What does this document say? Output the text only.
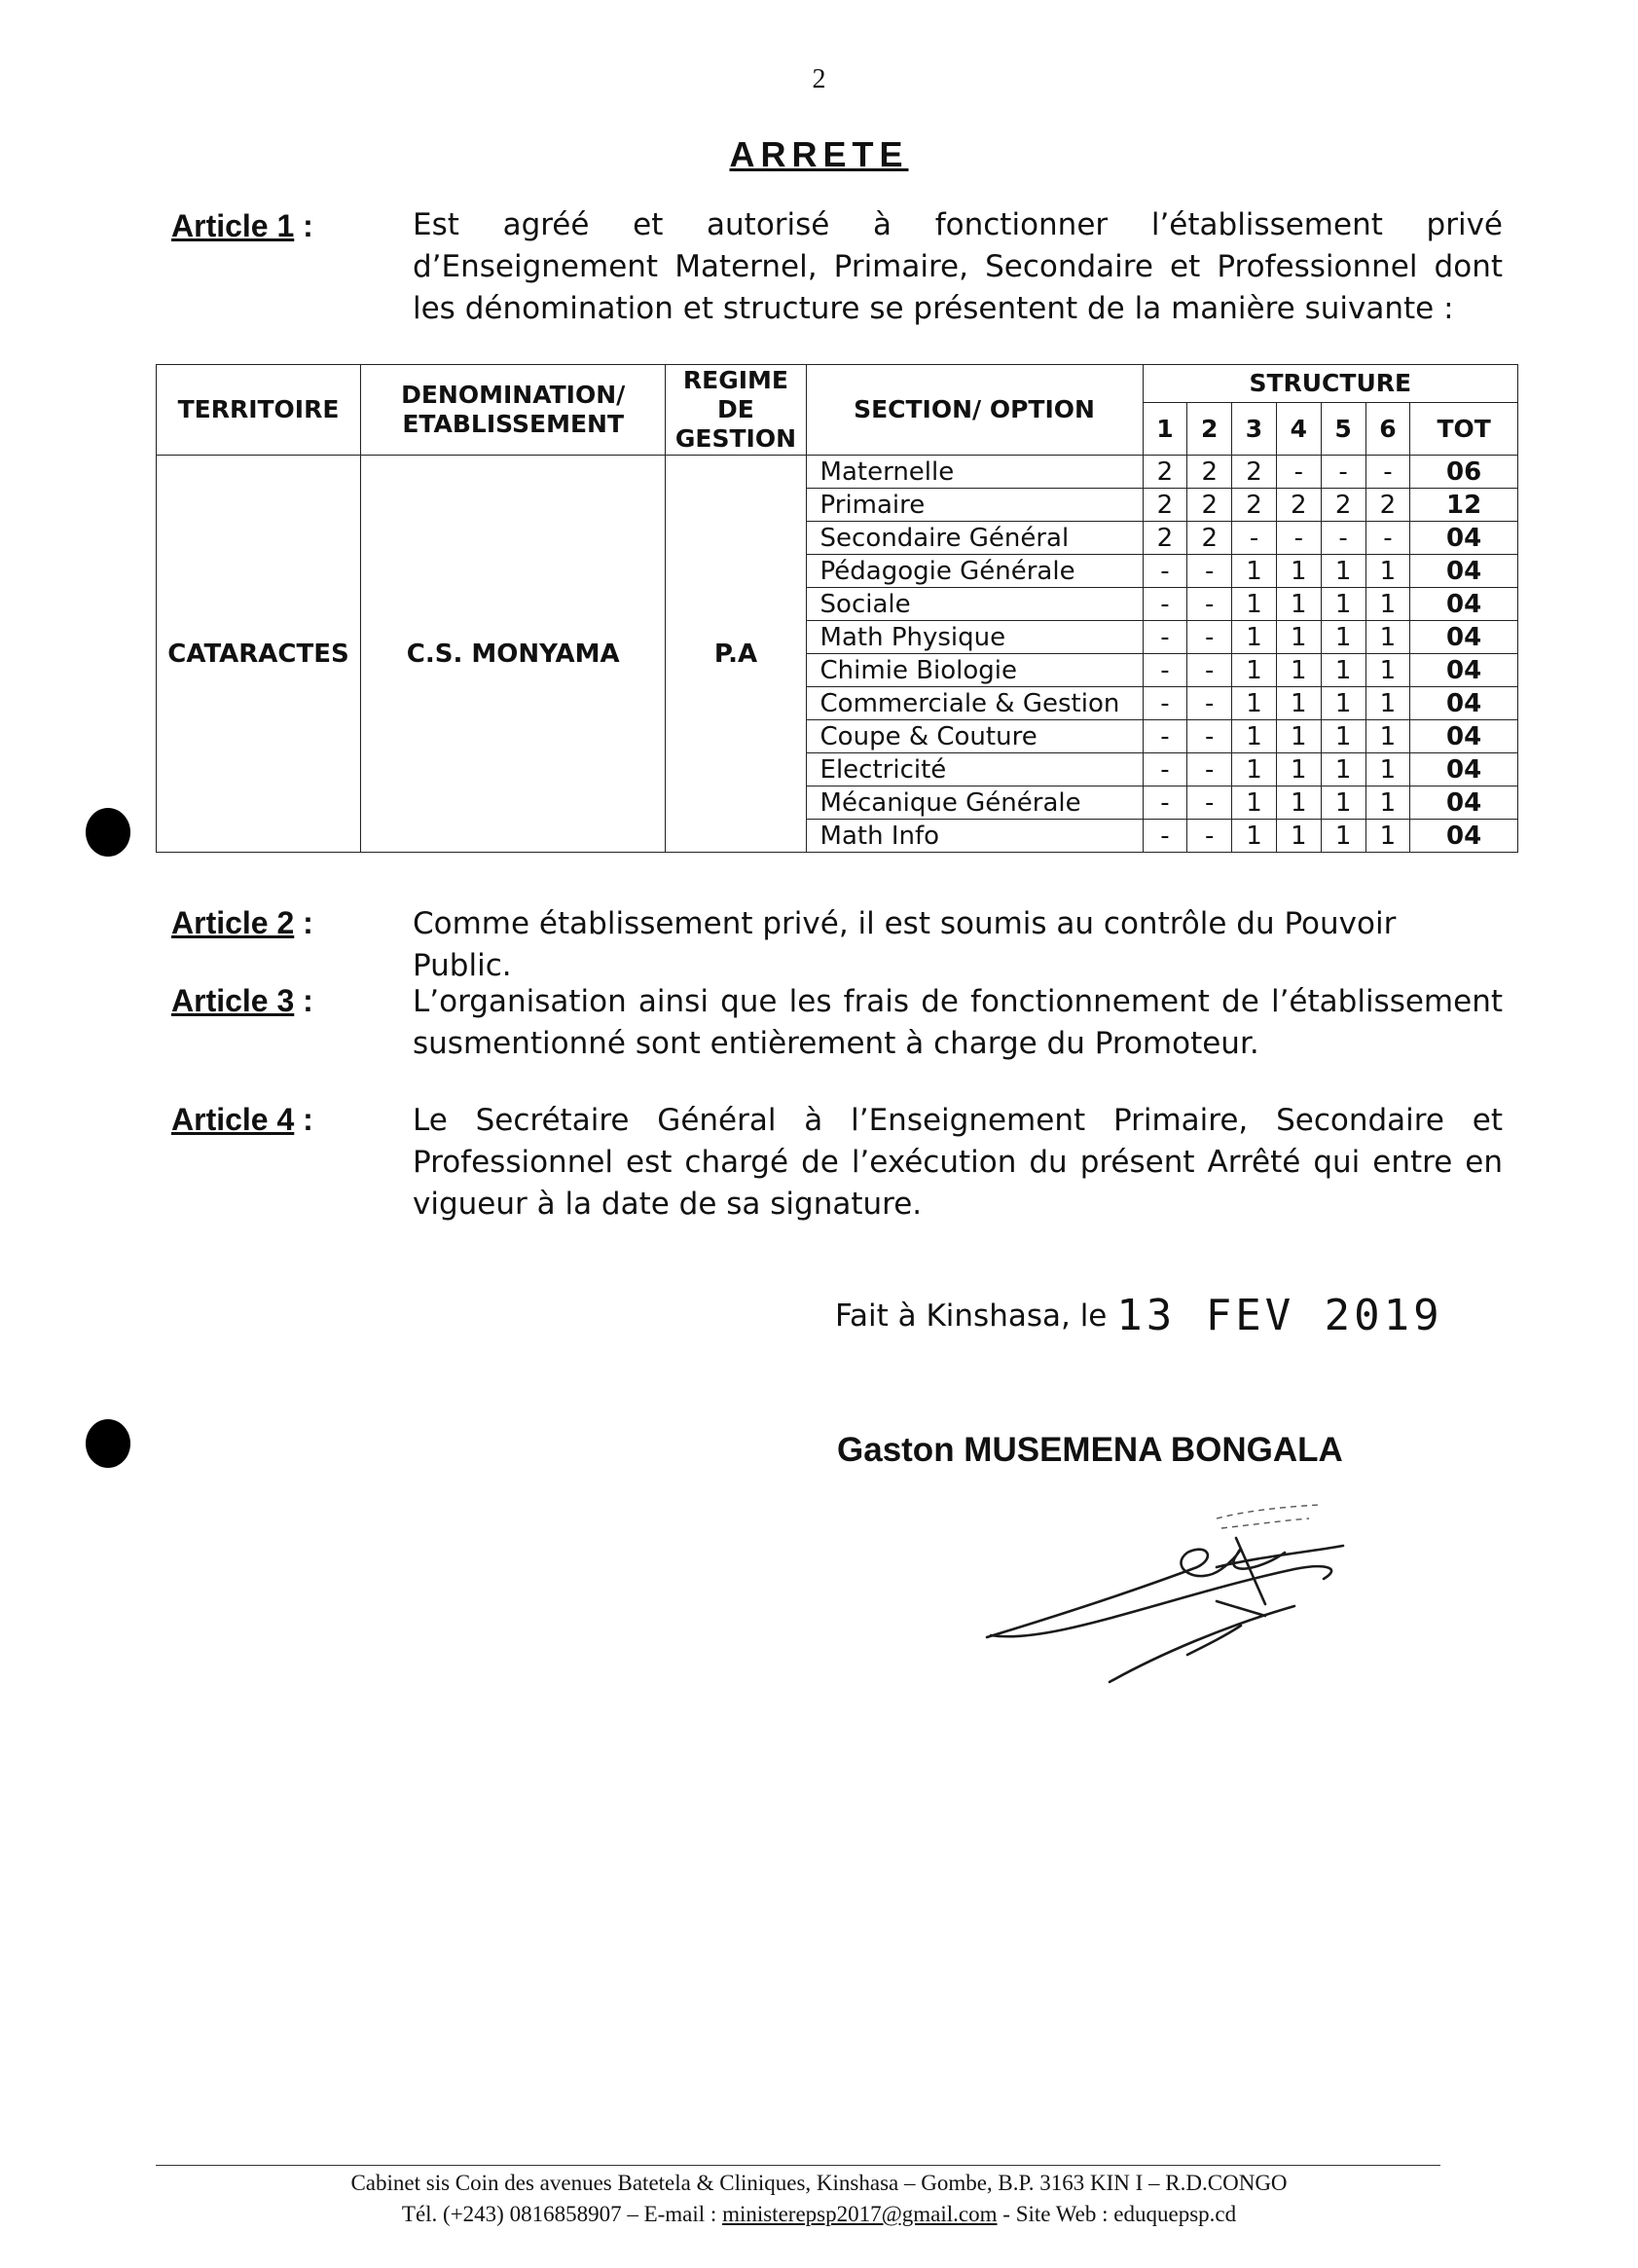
2
ARRETE
Article 1 :	Est agréé et autorisé à fonctionner l’établissement privé d’Enseignement Maternel, Primaire, Secondaire et Professionnel dont les dénomination et structure se présentent de la manière suivante :
TERRITOIRE	DENOMINATION/ ETABLISSEMENT	REGIME DE GESTION	SECTION/ OPTION	STRUCTURE						
				1	2	3	4	5	6	TOT
CATARACTES	C.S. MONYAMA	P.A	Maternelle	2	2	2	-	-	-	06
			Primaire	2	2	2	2	2	2	12
			Secondaire Général	2	2	-	-	-	-	04
			Pédagogie Générale	-	-	1	1	1	1	04
			Sociale	-	-	1	1	1	1	04
			Math Physique	-	-	1	1	1	1	04
			Chimie Biologie	-	-	1	1	1	1	04
			Commerciale & Gestion	-	-	1	1	1	1	04
			Coupe & Couture	-	-	1	1	1	1	04
			Electricité	-	-	1	1	1	1	04
			Mécanique Générale	-	-	1	1	1	1	04
			Math Info	-	-	1	1	1	1	04
Article 2 :	Comme établissement privé, il est soumis au contrôle du Pouvoir Public.
Article 3 :	L’organisation ainsi que les frais de fonctionnement de l’établissement susmentionné sont entièrement à charge du Promoteur.
Article 4 :	Le Secrétaire Général à l’Enseignement Primaire, Secondaire et Professionnel est chargé de l’exécution du présent Arrêté qui entre en vigueur à la date de sa signature.
Fait à Kinshasa, le 13 FEV 2019
Gaston MUSEMENA BONGALA
Cabinet sis Coin des avenues Batetela & Cliniques, Kinshasa – Gombe, B.P. 3163 KIN I – R.D.CONGO
Tél. (+243) 0816858907 – E-mail : ministerepsp2017@gmail.com - Site Web : eduquepsp.cd
